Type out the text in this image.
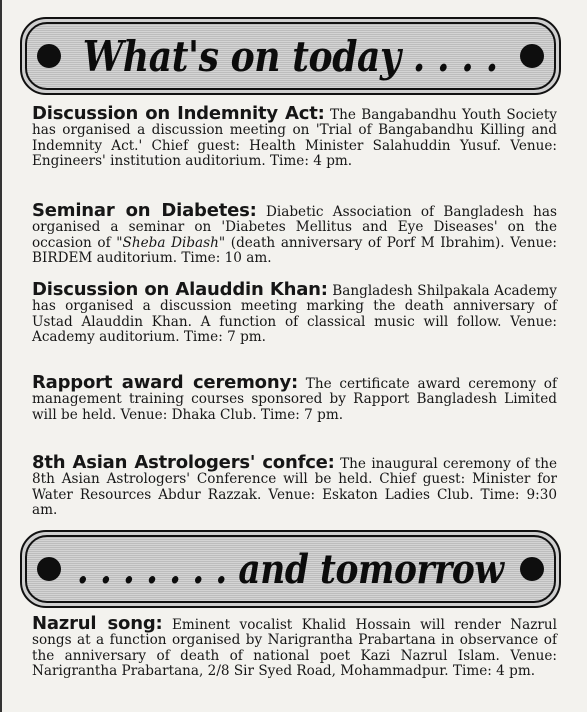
What's on today . . . .
Discussion on Indemnity Act: The Bangabandhu Youth Society has organised a discussion meeting on 'Trial of Bangabandhu Killing and Indemnity Act.' Chief guest: Health Minister Salahuddin Yusuf. Venue: Engineers' institution auditorium. Time: 4 pm.
Seminar on Diabetes: Diabetic Association of Bangladesh has organised a seminar on 'Diabetes Mellitus and Eye Diseases' on the occasion of "Sheba Dibash" (death anniversary of Porf M Ibrahim). Venue: BIRDEM auditorium. Time: 10 am.
Discussion on Alauddin Khan: Bangladesh Shilpakala Academy has organised a discussion meeting marking the death anniversary of Ustad Alauddin Khan. A function of classical music will follow. Venue: Academy auditorium. Time: 7 pm.
Rapport award ceremony: The certificate award ceremony of management training courses sponsored by Rapport Bangladesh Limited will be held. Venue: Dhaka Club. Time: 7 pm.
8th Asian Astrologers' confce: The inaugural ceremony of the 8th Asian Astrologers' Conference will be held. Chief guest: Minister for Water Resources Abdur Razzak. Venue: Eskaton Ladies Club. Time: 9:30 am.
. . . . . . . and tomorrow
Nazrul song: Eminent vocalist Khalid Hossain will render Nazrul songs at a function organised by Narigrantha Prabartana in observance of the anniversary of death of national poet Kazi Nazrul Islam. Venue: Narigrantha Prabartana, 2/8 Sir Syed Road, Mohammadpur. Time: 4 pm.
